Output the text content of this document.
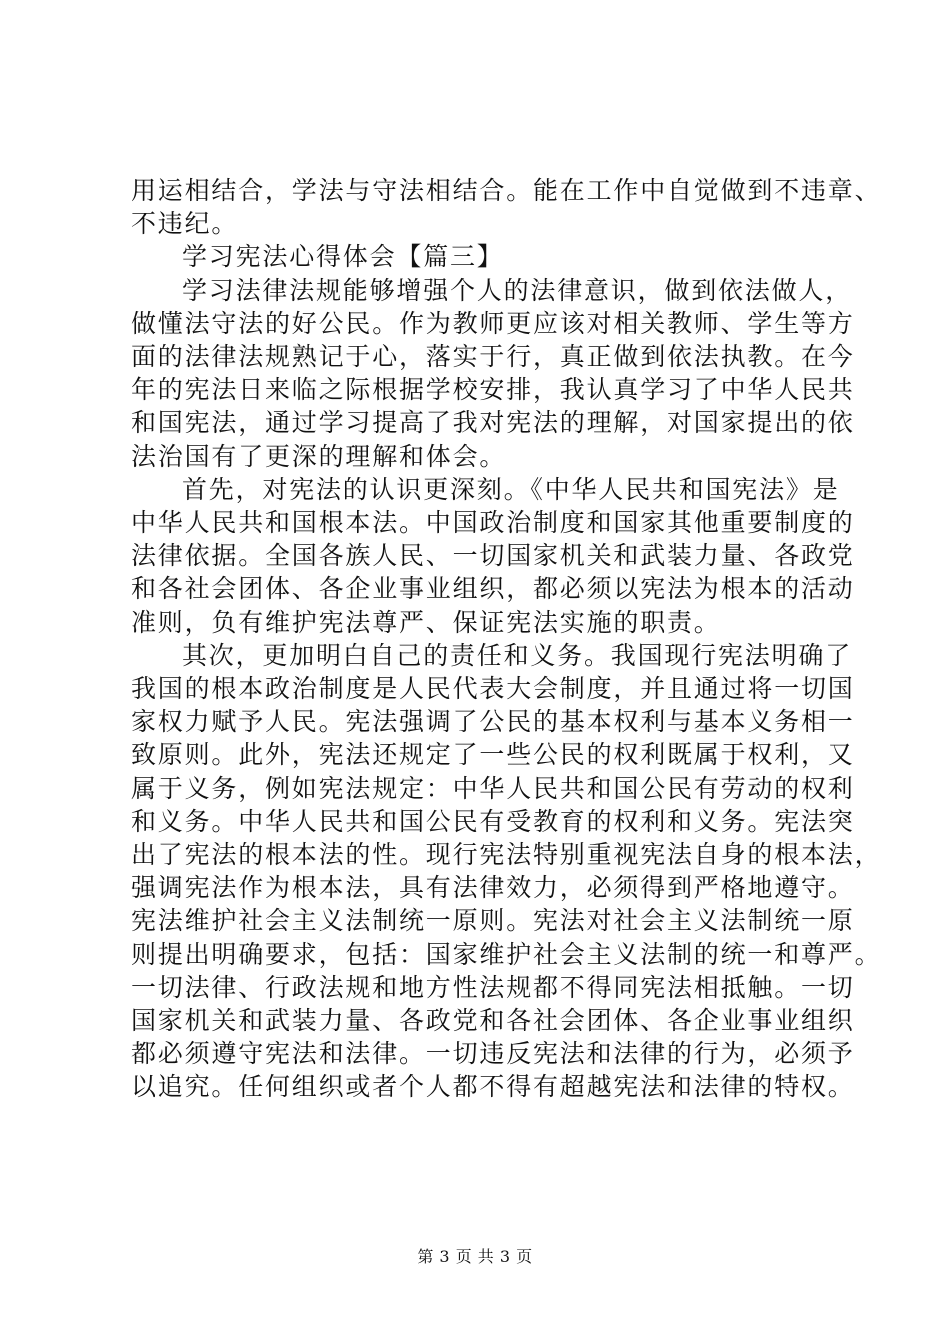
用运相结合，学法与守法相结合。能在工作中自觉做到不违章、
不违纪。

学习宪法心得体会【篇三】

学习法律法规能够增强个人的法律意识，做到依法做人，
做懂法守法的好公民。作为教师更应该对相关教师、学生等方
面的法律法规熟记于心，落实于行，真正做到依法执教。在今
年的宪法日来临之际根据学校安排，我认真学习了中华人民共
和国宪法，通过学习提高了我对宪法的理解，对国家提出的依
法治国有了更深的理解和体会。

首先，对宪法的认识更深刻。《中华人民共和国宪法》是
中华人民共和国根本法。中国政治制度和国家其他重要制度的
法律依据。全国各族人民、一切国家机关和武装力量、各政党
和各社会团体、各企业事业组织，都必须以宪法为根本的活动
准则，负有维护宪法尊严、保证宪法实施的职责。

其次，更加明白自己的责任和义务。我国现行宪法明确了
我国的根本政治制度是人民代表大会制度，并且通过将一切国
家权力赋予人民。宪法强调了公民的基本权利与基本义务相一
致原则。此外，宪法还规定了一些公民的权利既属于权利，又
属于义务，例如宪法规定：中华人民共和国公民有劳动的权利
和义务。中华人民共和国公民有受教育的权利和义务。宪法突
出了宪法的根本法的性。现行宪法特别重视宪法自身的根本法，
强调宪法作为根本法，具有法律效力，必须得到严格地遵守。
宪法维护社会主义法制统一原则。宪法对社会主义法制统一原
则提出明确要求，包括：国家维护社会主义法制的统一和尊严。
一切法律、行政法规和地方性法规都不得同宪法相抵触。一切
国家机关和武装力量、各政党和各社会团体、各企业事业组织
都必须遵守宪法和法律。一切违反宪法和法律的行为，必须予
以追究。任何组织或者个人都不得有超越宪法和法律的特权。

第 3 页 共 3 页
